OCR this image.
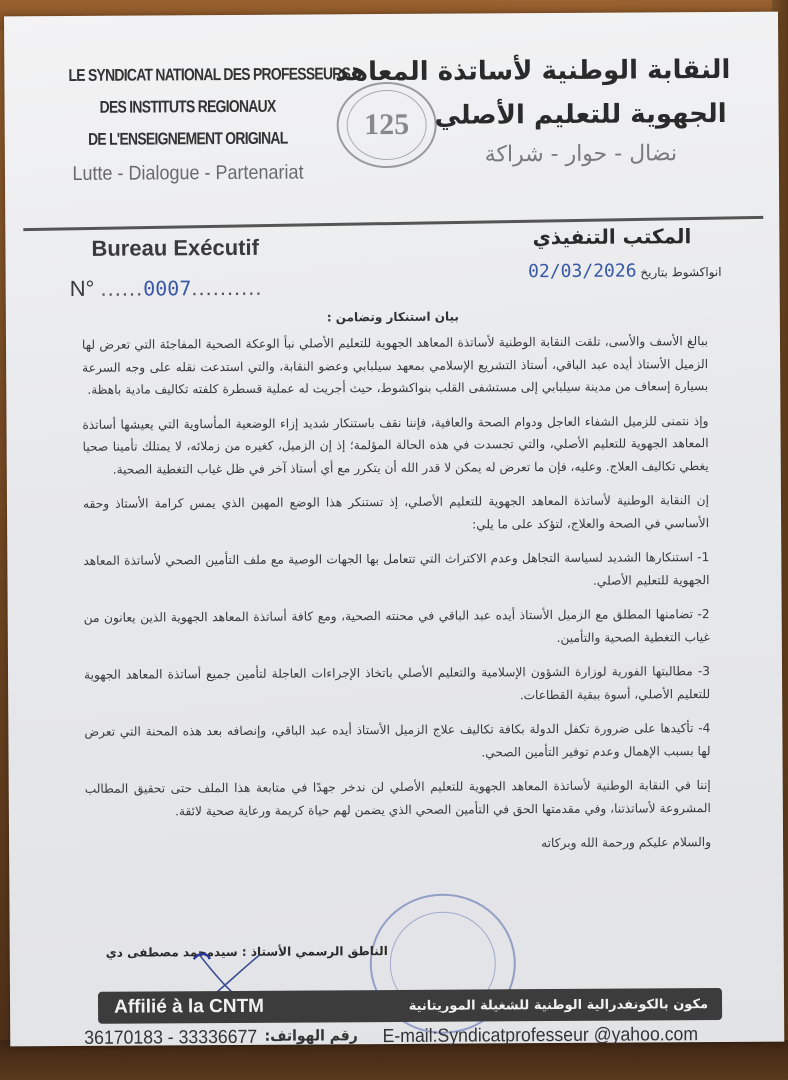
LE SYNDICAT NATIONAL DES PROFESSEURS
DES INSTITUTS REGIONAUX
DE L'ENSEIGNEMENT ORIGINAL
Lutte - Dialogue - Partenariat
125
النقابة الوطنية لأساتذة المعاهد
الجهوية للتعليم الأصلي
نضال - حوار - شراكة
Bureau Exécutif	المكتب التنفيذي
N° ......0007..........
انواكشوط بتاريخ 02/03/2026
بيان استنكار وتضامن :

ببالغ الأسف والأسى، تلقت النقابة الوطنية لأساتذة المعاهد الجهوية للتعليم الأصلي نبأ الوعكة الصحية المفاجئة التي تعرض لها الزميل الأستاذ أيده عبد الباقي، أستاذ التشريع الإسلامي بمعهد سيلبابي وعضو النقابة، والتي استدعت نقله على وجه السرعة بسيارة إسعاف من مدينة سيلبابي إلى مستشفى القلب بنواكشوط، حيث أجريت له عملية قسطرة كلفته تكاليف مادية باهظة.

وإذ نتمنى للزميل الشفاء العاجل ودوام الصحة والعافية، فإننا نقف باستنكار شديد إزاء الوضعية المأساوية التي يعيشها أساتذة المعاهد الجهوية للتعليم الأصلي، والتي تجسدت في هذه الحالة المؤلمة؛ إذ إن الزميل، كغيره من زملائه، لا يمتلك تأمينا صحيا يغطي تكاليف العلاج. وعليه، فإن ما تعرض له يمكن لا قدر الله أن يتكرر مع أي أستاذ آخر في ظل غياب التغطية الصحية.

إن النقابة الوطنية لأساتذة المعاهد الجهوية للتعليم الأصلي، إذ تستنكر هذا الوضع المهين الذي يمس كرامة الأستاذ وحقه الأساسي في الصحة والعلاج، لتؤكد على ما يلي:

1- استنكارها الشديد لسياسة التجاهل وعدم الاكتراث التي تتعامل بها الجهات الوصية مع ملف التأمين الصحي لأساتذة المعاهد الجهوية للتعليم الأصلي.

2- تضامنها المطلق مع الزميل الأستاذ أيده عبد الباقي في محنته الصحية، ومع كافة أساتذة المعاهد الجهوية الذين يعانون من غياب التغطية الصحية والتأمين.

3- مطالبتها الفورية لوزارة الشؤون الإسلامية والتعليم الأصلي باتخاذ الإجراءات العاجلة لتأمين جميع أساتذة المعاهد الجهوية للتعليم الأصلي، أسوة ببقية القطاعات.

4- تأكيدها على ضرورة تكفل الدولة بكافة تكاليف علاج الزميل الأستاذ أيده عبد الباقي، وإنصافه بعد هذه المحنة التي تعرض لها بسبب الإهمال وعدم توفير التأمين الصحي.

إننا في النقابة الوطنية لأساتذة المعاهد الجهوية للتعليم الأصلي لن ندخر جهدًا في متابعة هذا الملف حتى تحقيق المطالب المشروعة لأساتذتنا، وفي مقدمتها الحق في التأمين الصحي الذي يضمن لهم حياة كريمة ورعاية صحية لائقة.

والسلام عليكم ورحمة الله وبركاته

الناطق الرسمي الأستاذ : سيدمحمد مصطفى دي
Affilié à la CNTM	مكون بالكونفدرالية الوطنية للشغيلة الموريتانية
رقم الهواتف:
36170183 - 33336677	E-mail:Syndicatprofesseur @yahoo.com
